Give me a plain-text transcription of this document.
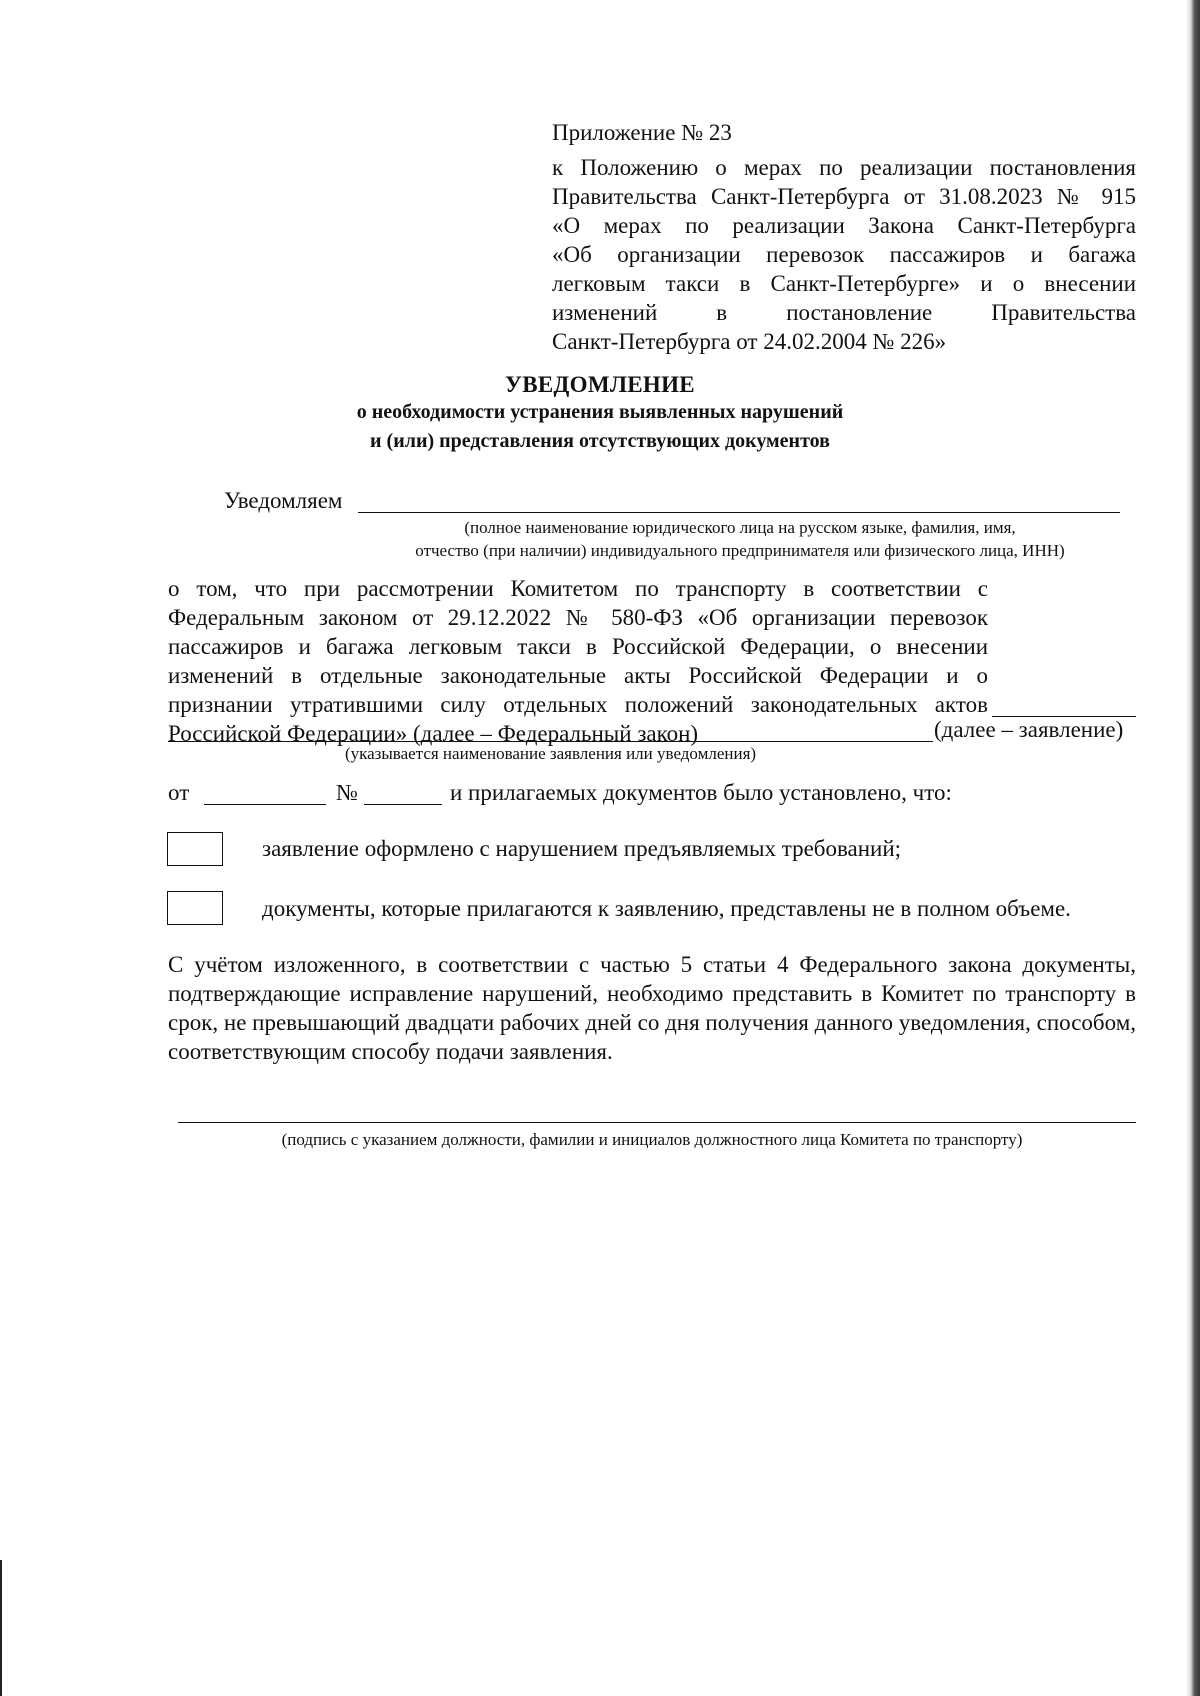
Приложение № 23

к Положению о мерах по реализации постановления

Правительства Санкт-Петербурга от 31.08.2023 № 915

«О мерах по реализации Закона Санкт-Петербурга

«Об организации перевозок пассажиров и багажа

легковым такси в Санкт-Петербурге» и о внесении

изменений в постановление Правительства

Санкт-Петербурга от 24.02.2004 № 226»

УВЕДОМЛЕНИЕ
о необходимости устранения выявленных нарушений
и (или) представления отсутствующих документов
Уведомляем
(полное наименование юридического лица на русском языке, фамилия, имя,
отчество (при наличии) индивидуального предпринимателя или физического лица, ИНН)

о том, что при рассмотрении Комитетом по транспорту в соответствии с Федеральным законом от 29.12.2022 № 580-ФЗ «Об организации перевозок пассажиров и багажа легковым такси в Российской Федерации, о внесении изменений в отдельные законодательные акты Российской Федерации и о признании утратившими силу отдельных положений законодательных актов Российской Федерации» (далее – Федеральный закон)	(далее – заявление)
(указывается наименование заявления или уведомления)
от	№	и прилагаемых документов было установлено, что:
заявление оформлено с нарушением предъявляемых требований;
документы, которые прилагаются к заявлению, представлены не в полном объеме.

С учётом изложенного, в соответствии с частью 5 статьи 4 Федерального закона документы, подтверждающие исправление нарушений, необходимо представить в Комитет по транспорту в срок, не превышающий двадцати рабочих дней со дня получения данного уведомления, способом, соответствующим способу подачи заявления.

(подпись с указанием должности, фамилии и инициалов должностного лица Комитета по транспорту)
